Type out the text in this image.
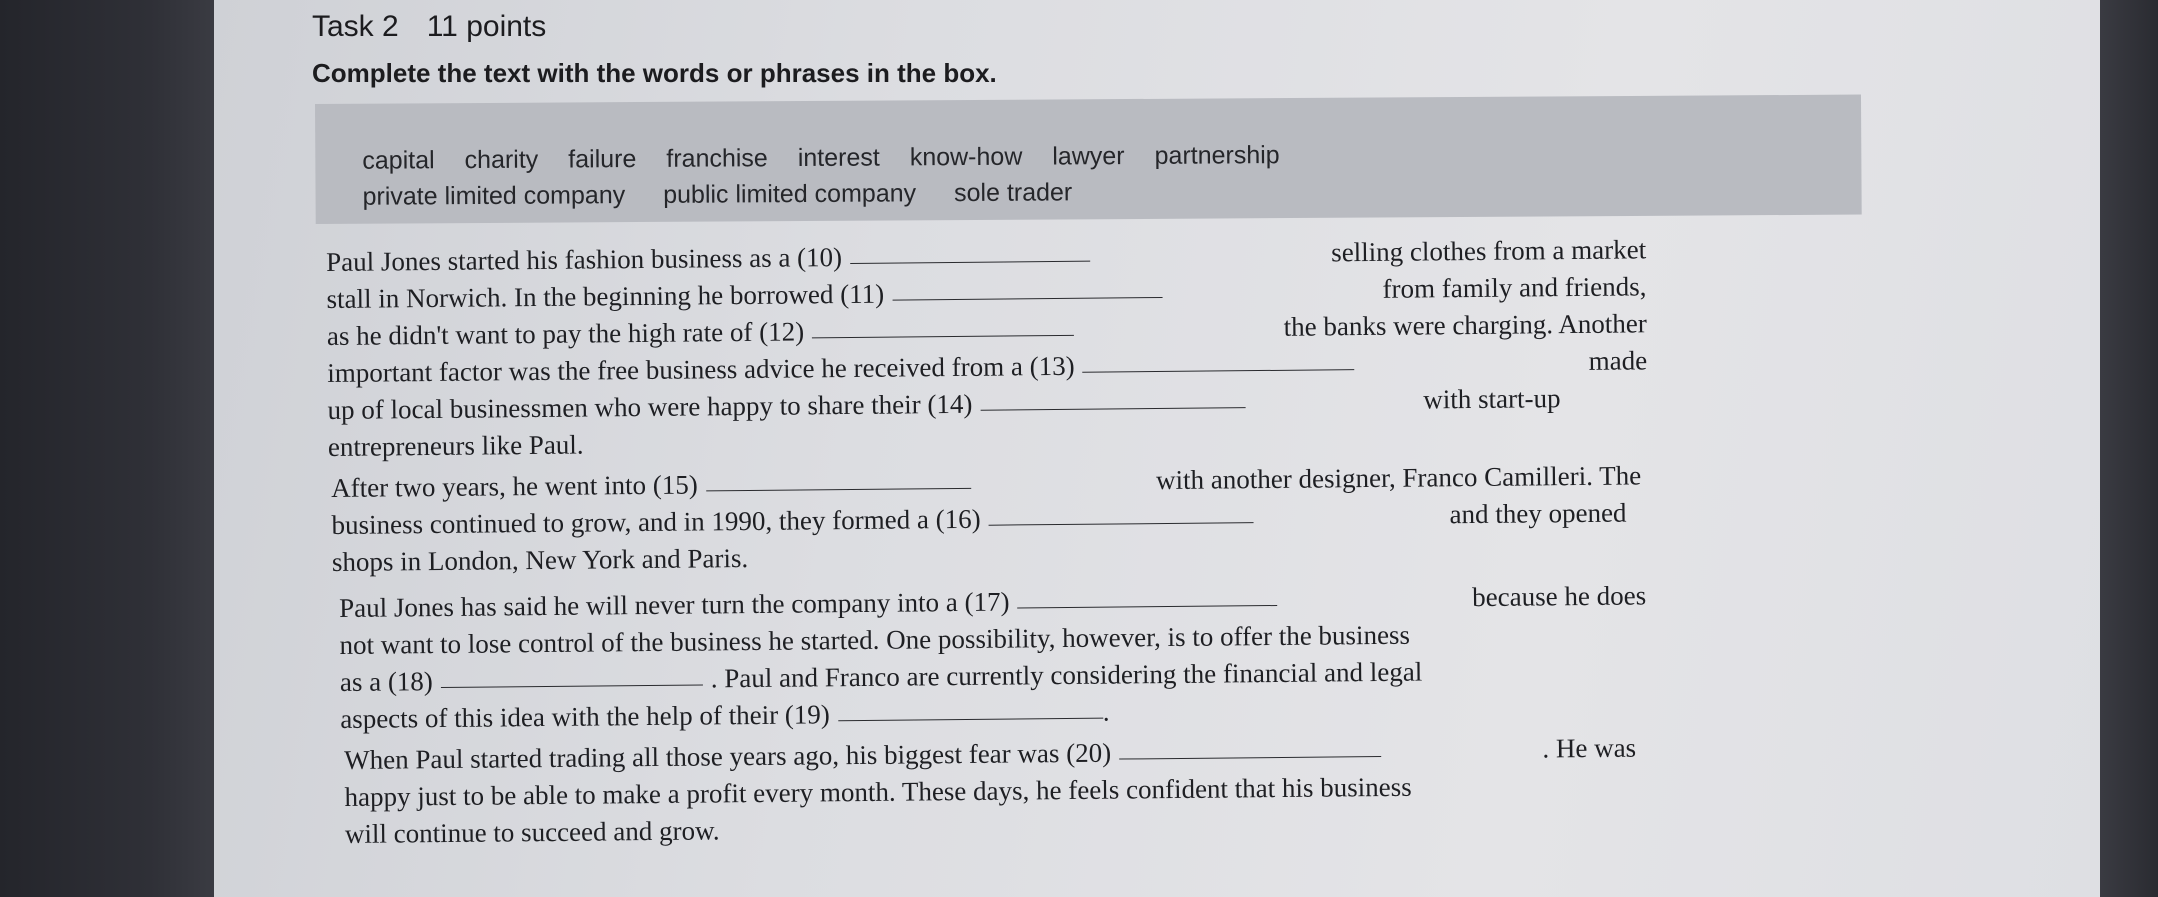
Task 2 11 points
Complete the text with the words or phrases in the box.
capital charity failure franchise interest know-how lawyer partnership
private limited company public limited company sole trader
Paul Jones started his fashion business as a (10)	selling clothes from a market
stall in Norwich. In the beginning he borrowed (11)	from family and friends,
as he didn't want to pay the high rate of (12)	the banks were charging. Another
important factor was the free business advice he received from a (13)	made
up of local businessmen who were happy to share their (14)	with start-up
entrepreneurs like Paul.
After two years, he went into (15)	with another designer, Franco Camilleri. The
business continued to grow, and in 1990, they formed a (16)	and they opened
shops in London, New York and Paris.
Paul Jones has said he will never turn the company into a (17)	because he does
not want to lose control of the business he started. One possibility, however, is to offer the business
as a (18)	. Paul and Franco are currently considering the financial and legal
aspects of this idea with the help of their (19)	.
When Paul started trading all those years ago, his biggest fear was (20)	. He was
happy just to be able to make a profit every month. These days, he feels confident that his business
will continue to succeed and grow.
